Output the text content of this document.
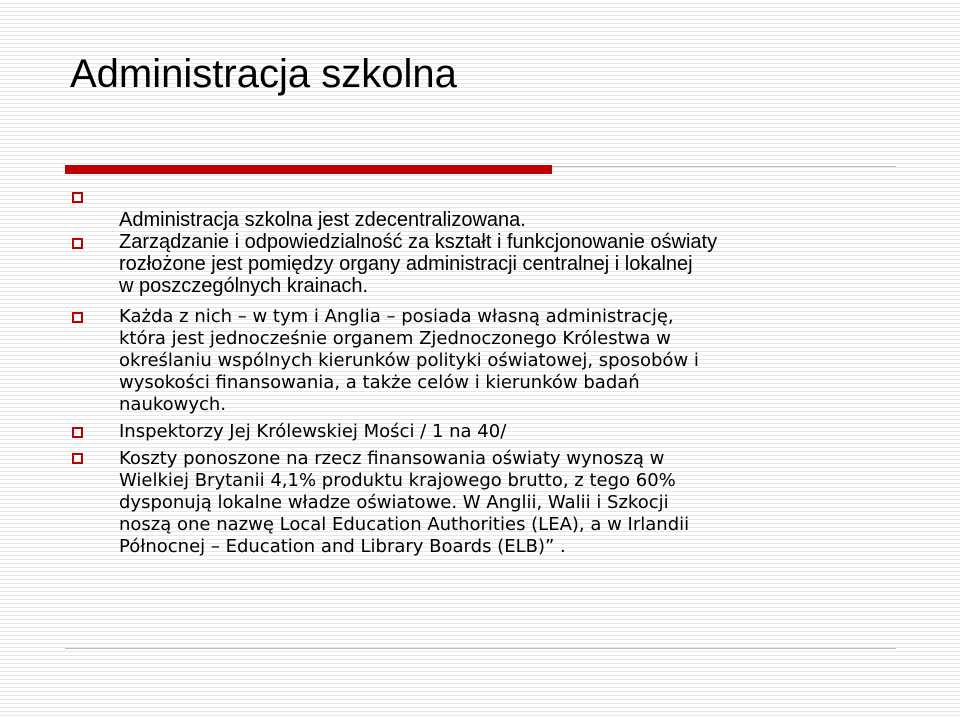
Administracja szkolna
Administracja szkolna jest zdecentralizowana.
Zarządzanie i odpowiedzialność za kształt i funkcjonowanie oświaty
rozłożone jest pomiędzy organy administracji centralnej i lokalnej
w poszczególnych krainach.
Każda z nich – w tym i Anglia – posiada własną administrację,
która jest jednocześnie organem Zjednoczonego Królestwa w
określaniu wspólnych kierunków polityki oświatowej, sposobów i
wysokości finansowania, a także celów i kierunków badań
naukowych.
Inspektorzy Jej Królewskiej Mości / 1 na 40/
Koszty ponoszone na rzecz finansowania oświaty wynoszą w
Wielkiej Brytanii 4,1% produktu krajowego brutto, z tego 60%
dysponują lokalne władze oświatowe. W Anglii, Walii i Szkocji
noszą one nazwę Local Education Authorities (LEA), a w Irlandii
Północnej – Education and Library Boards (ELB)” .
